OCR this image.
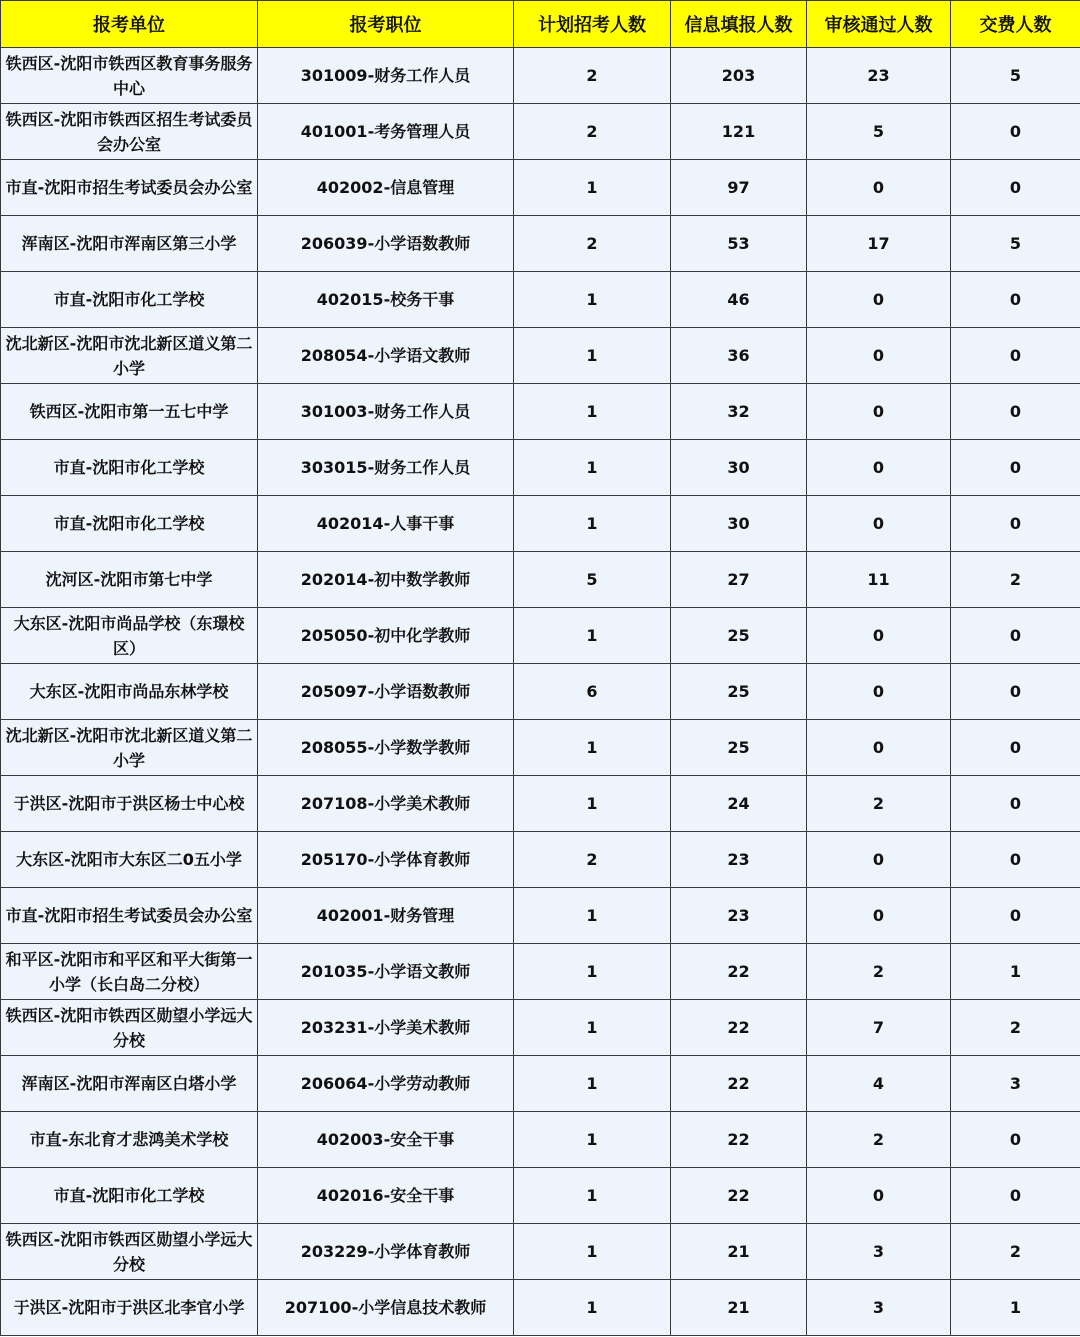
报考单位	报考职位	计划招考人数	信息填报人数	审核通过人数	交费人数
铁西区-沈阳市铁西区教育事务服务中心	301009-财务工作人员	2	203	23	5
铁西区-沈阳市铁西区招生考试委员会办公室	401001-考务管理人员	2	121	5	0
市直-沈阳市招生考试委员会办公室	402002-信息管理	1	97	0	0
浑南区-沈阳市浑南区第三小学	206039-小学语数教师	2	53	17	5
市直-沈阳市化工学校	402015-校务干事	1	46	0	0
沈北新区-沈阳市沈北新区道义第二小学	208054-小学语文教师	1	36	0	0
铁西区-沈阳市第一五七中学	301003-财务工作人员	1	32	0	0
市直-沈阳市化工学校	303015-财务工作人员	1	30	0	0
市直-沈阳市化工学校	402014-人事干事	1	30	0	0
沈河区-沈阳市第七中学	202014-初中数学教师	5	27	11	2
大东区-沈阳市尚品学校（东璟校区）	205050-初中化学教师	1	25	0	0
大东区-沈阳市尚品东林学校	205097-小学语数教师	6	25	0	0
沈北新区-沈阳市沈北新区道义第二小学	208055-小学数学教师	1	25	0	0
于洪区-沈阳市于洪区杨士中心校	207108-小学美术教师	1	24	2	0
大东区-沈阳市大东区二0五小学	205170-小学体育教师	2	23	0	0
市直-沈阳市招生考试委员会办公室	402001-财务管理	1	23	0	0
和平区-沈阳市和平区和平大街第一小学（长白岛二分校）	201035-小学语文教师	1	22	2	1
铁西区-沈阳市铁西区勋望小学远大分校	203231-小学美术教师	1	22	7	2
浑南区-沈阳市浑南区白塔小学	206064-小学劳动教师	1	22	4	3
市直-东北育才悲鸿美术学校	402003-安全干事	1	22	2	0
市直-沈阳市化工学校	402016-安全干事	1	22	0	0
铁西区-沈阳市铁西区勋望小学远大分校	203229-小学体育教师	1	21	3	2
于洪区-沈阳市于洪区北李官小学	207100-小学信息技术教师	1	21	3	1
